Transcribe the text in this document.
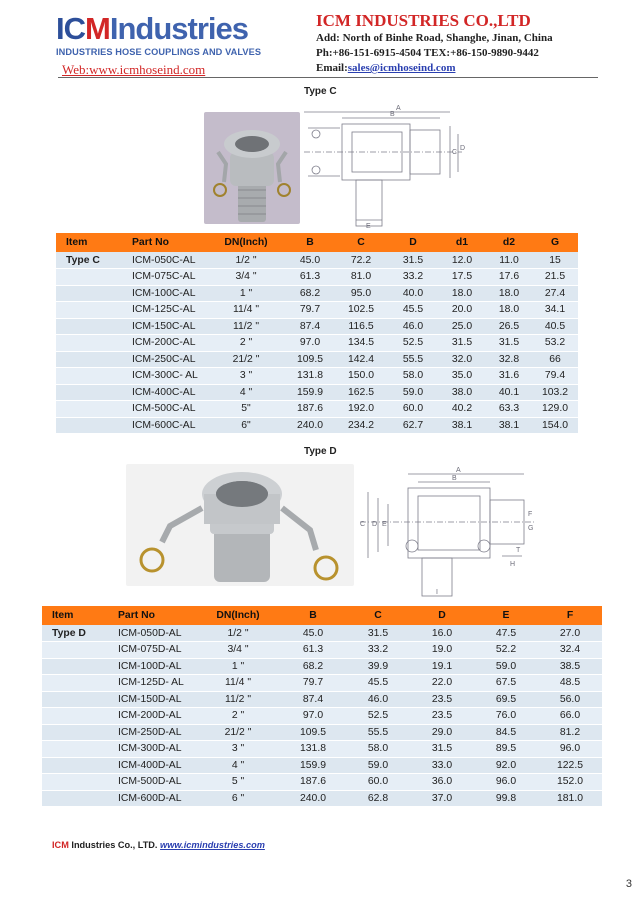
ICMIndustries
INDUSTRIES HOSE COUPLINGS AND VALVES
Web:www.icmhoseind.com
ICM INDUSTRIES CO.,LTD
Add: North of Binhe Road, Shanghe, Jinan, China
Ph:+86-151-6915-4504 TEX:+86-150-9890-9442
Email:sales@icmhoseind.com
Type C
A
B
C
D
E
Item	Part No	DN(Inch)	B	C	D	d1	d2	G
Type C	ICM-050C-AL	1/2 "	45.0	72.2	31.5	12.0	11.0	15
	ICM-075C-AL	3/4 "	61.3	81.0	33.2	17.5	17.6	21.5
	ICM-100C-AL	1 "	68.2	95.0	40.0	18.0	18.0	27.4
	ICM-125C-AL	11/4 "	79.7	102.5	45.5	20.0	18.0	34.1
	ICM-150C-AL	11/2 "	87.4	116.5	46.0	25.0	26.5	40.5
	ICM-200C-AL	2 "	97.0	134.5	52.5	31.5	31.5	53.2
	ICM-250C-AL	21/2 "	109.5	142.4	55.5	32.0	32.8	66
	ICM-300C- AL	3 "	131.8	150.0	58.0	35.0	31.6	79.4
	ICM-400C-AL	4 "	159.9	162.5	59.0	38.0	40.1	103.2
	ICM-500C-AL	5"	187.6	192.0	60.0	40.2	63.3	129.0
	ICM-600C-AL	6"	240.0	234.2	62.7	38.1	38.1	154.0
Type D
A
B
C D E
F
G
H
I
T
Item	Part No	DN(Inch)	B	C	D	E	F
Type D	ICM-050D-AL	1/2 "	45.0	31.5	16.0	47.5	27.0
	ICM-075D-AL	3/4 "	61.3	33.2	19.0	52.2	32.4
	ICM-100D-AL	1 "	68.2	39.9	19.1	59.0	38.5
	ICM-125D- AL	11/4 "	79.7	45.5	22.0	67.5	48.5
	ICM-150D-AL	11/2 "	87.4	46.0	23.5	69.5	56.0
	ICM-200D-AL	2 "	97.0	52.5	23.5	76.0	66.0
	ICM-250D-AL	21/2 "	109.5	55.5	29.0	84.5	81.2
	ICM-300D-AL	3 "	131.8	58.0	31.5	89.5	96.0
	ICM-400D-AL	4 "	159.9	59.0	33.0	92.0	122.5
	ICM-500D-AL	5 "	187.6	60.0	36.0	96.0	152.0
	ICM-600D-AL	6 "	240.0	62.8	37.0	99.8	181.0
ICM Industries Co., LTD. www.icmindustries.com
3
